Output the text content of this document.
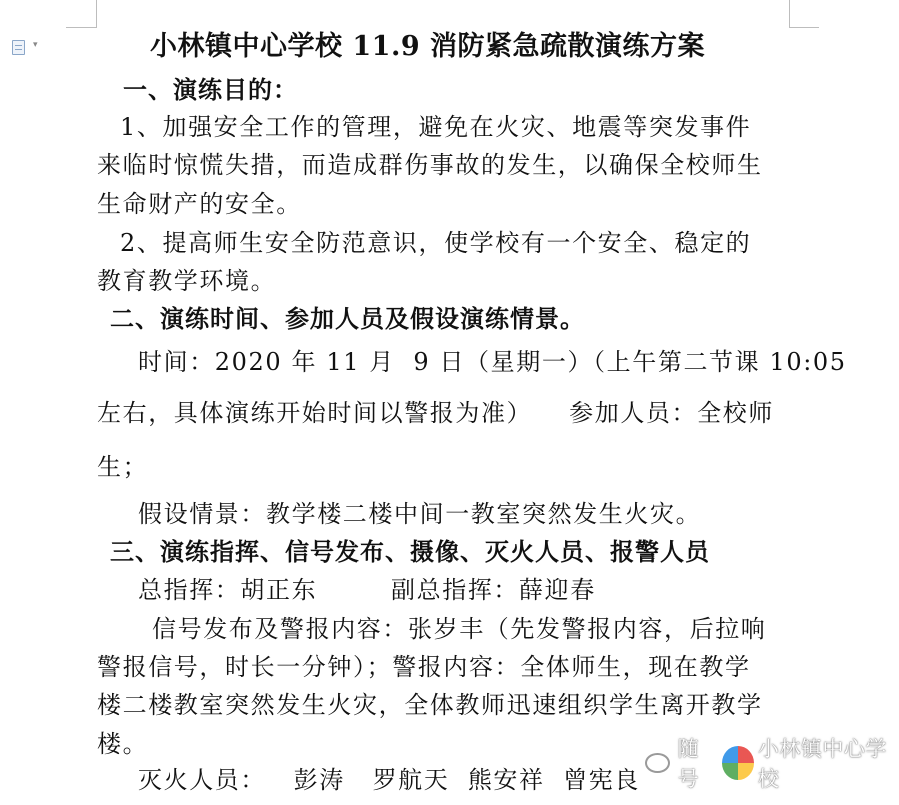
▾	小林镇中心学校 11.9 消防紧急疏散演练方案
一、演练目的：
1、加强安全工作的管理，避免在火灾、地震等突发事件
来临时惊慌失措，而造成群伤事故的发生，以确保全校师生
生命财产的安全。
2、提高师生安全防范意识，使学校有一个安全、稳定的
教育教学环境。
二、演练时间、参加人员及假设演练情景。
时间：2020 年 11 月  9 日（星期一）（上午第二节课 10:05
左右，具体演练开始时间以警报为准）    参加人员：全校师
生；
假设情景：教学楼二楼中间一教室突然发生火灾。
三、演练指挥、信号发布、摄像、灭火人员、报警人员
总指挥：胡正东        副总指挥：薛迎春
信号发布及警报内容：张岁丰（先发警报内容，后拉响
警报信号，时长一分钟）；警报内容：全体师生，现在教学
楼二楼教室突然发生火灾，全体教师迅速组织学生离开教学
楼。
灭火人员：   彭涛   罗航天  熊安祥  曾宪良
随号
小林镇中心学校
